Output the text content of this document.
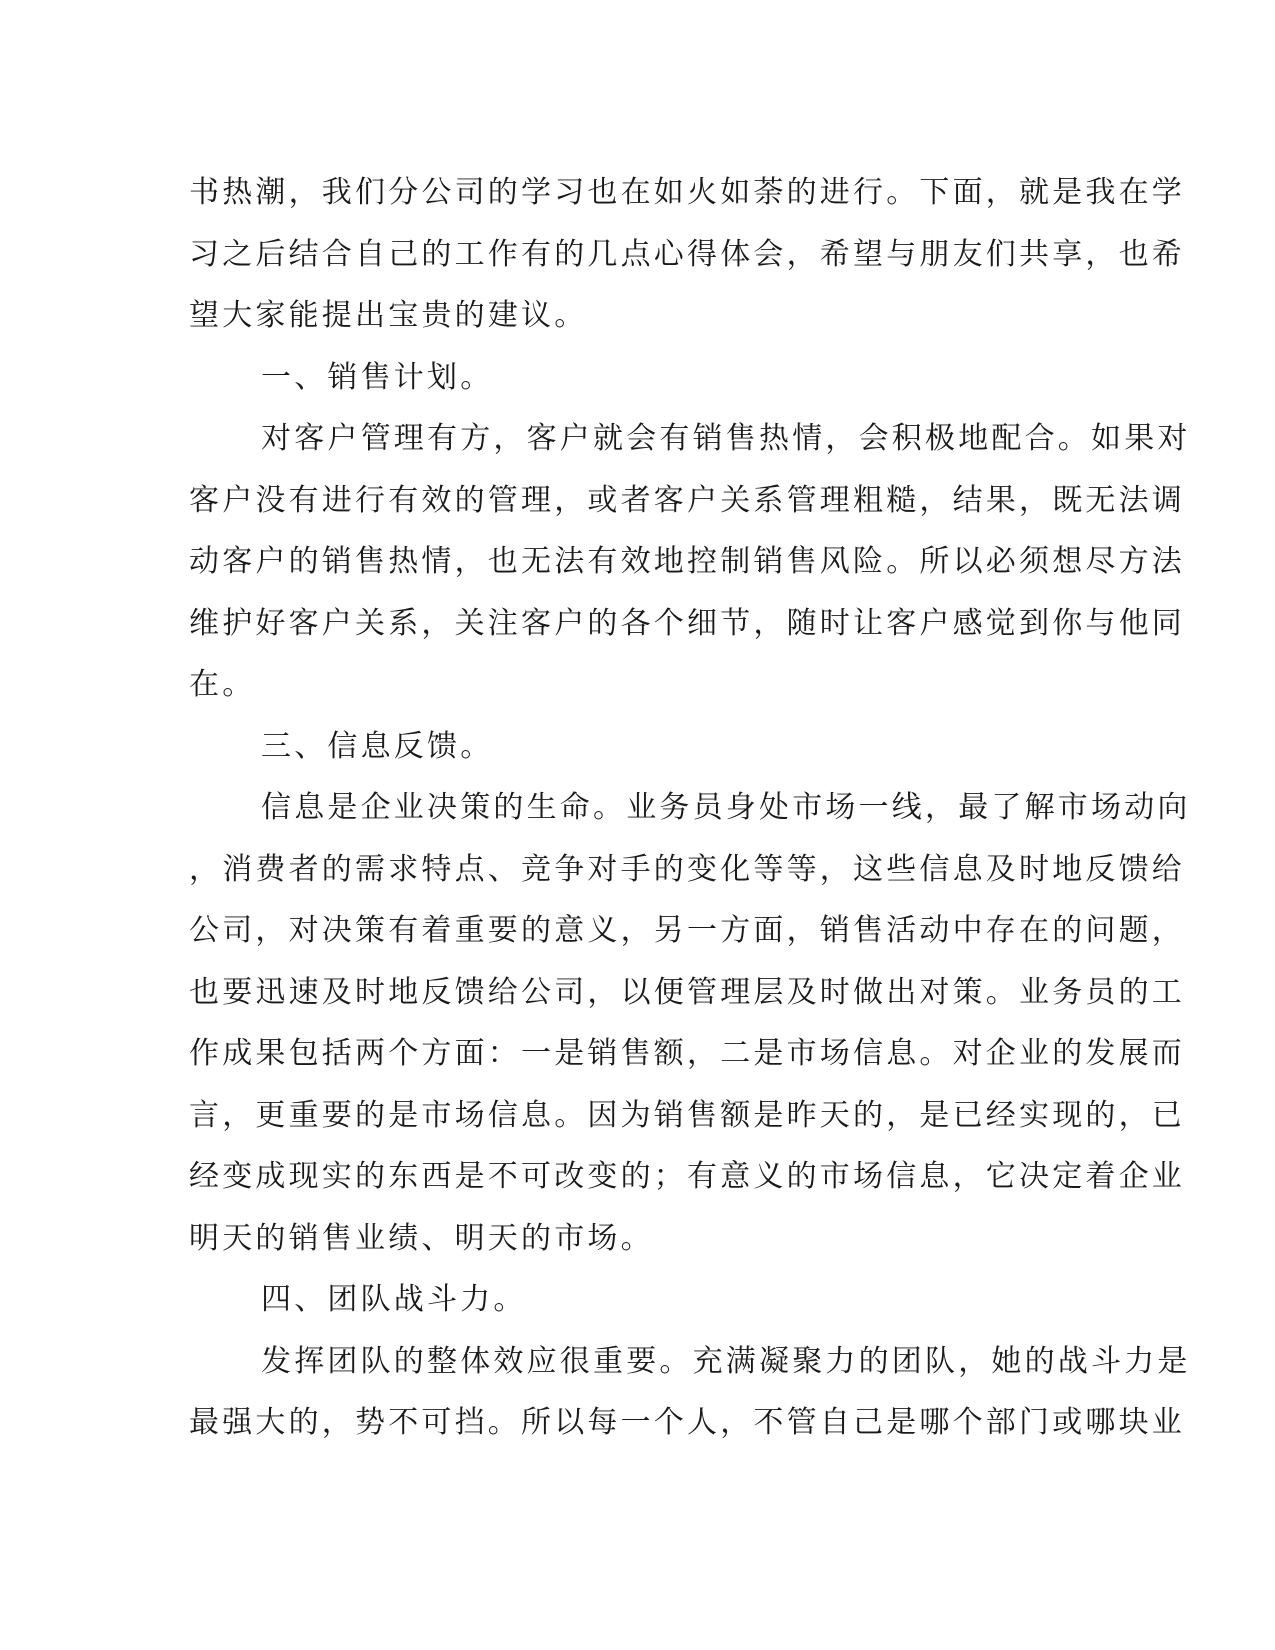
书热潮，我们分公司的学习也在如火如荼的进行。下面，就是我在学
习之后结合自己的工作有的几点心得体会，希望与朋友们共享，也希
望大家能提出宝贵的建议。
一、销售计划。
对客户管理有方，客户就会有销售热情，会积极地配合。如果对
客户没有进行有效的管理，或者客户关系管理粗糙，结果，既无法调
动客户的销售热情，也无法有效地控制销售风险。所以必须想尽方法
维护好客户关系，关注客户的各个细节，随时让客户感觉到你与他同
在。
三、信息反馈。
信息是企业决策的生命。业务员身处市场一线，最了解市场动向
，消费者的需求特点、竞争对手的变化等等，这些信息及时地反馈给
公司，对决策有着重要的意义，另一方面，销售活动中存在的问题，
也要迅速及时地反馈给公司，以便管理层及时做出对策。业务员的工
作成果包括两个方面：一是销售额，二是市场信息。对企业的发展而
言，更重要的是市场信息。因为销售额是昨天的，是已经实现的，已
经变成现实的东西是不可改变的；有意义的市场信息，它决定着企业
明天的销售业绩、明天的市场。
四、团队战斗力。
发挥团队的整体效应很重要。充满凝聚力的团队，她的战斗力是
最强大的，势不可挡。所以每一个人，不管自己是哪个部门或哪块业
